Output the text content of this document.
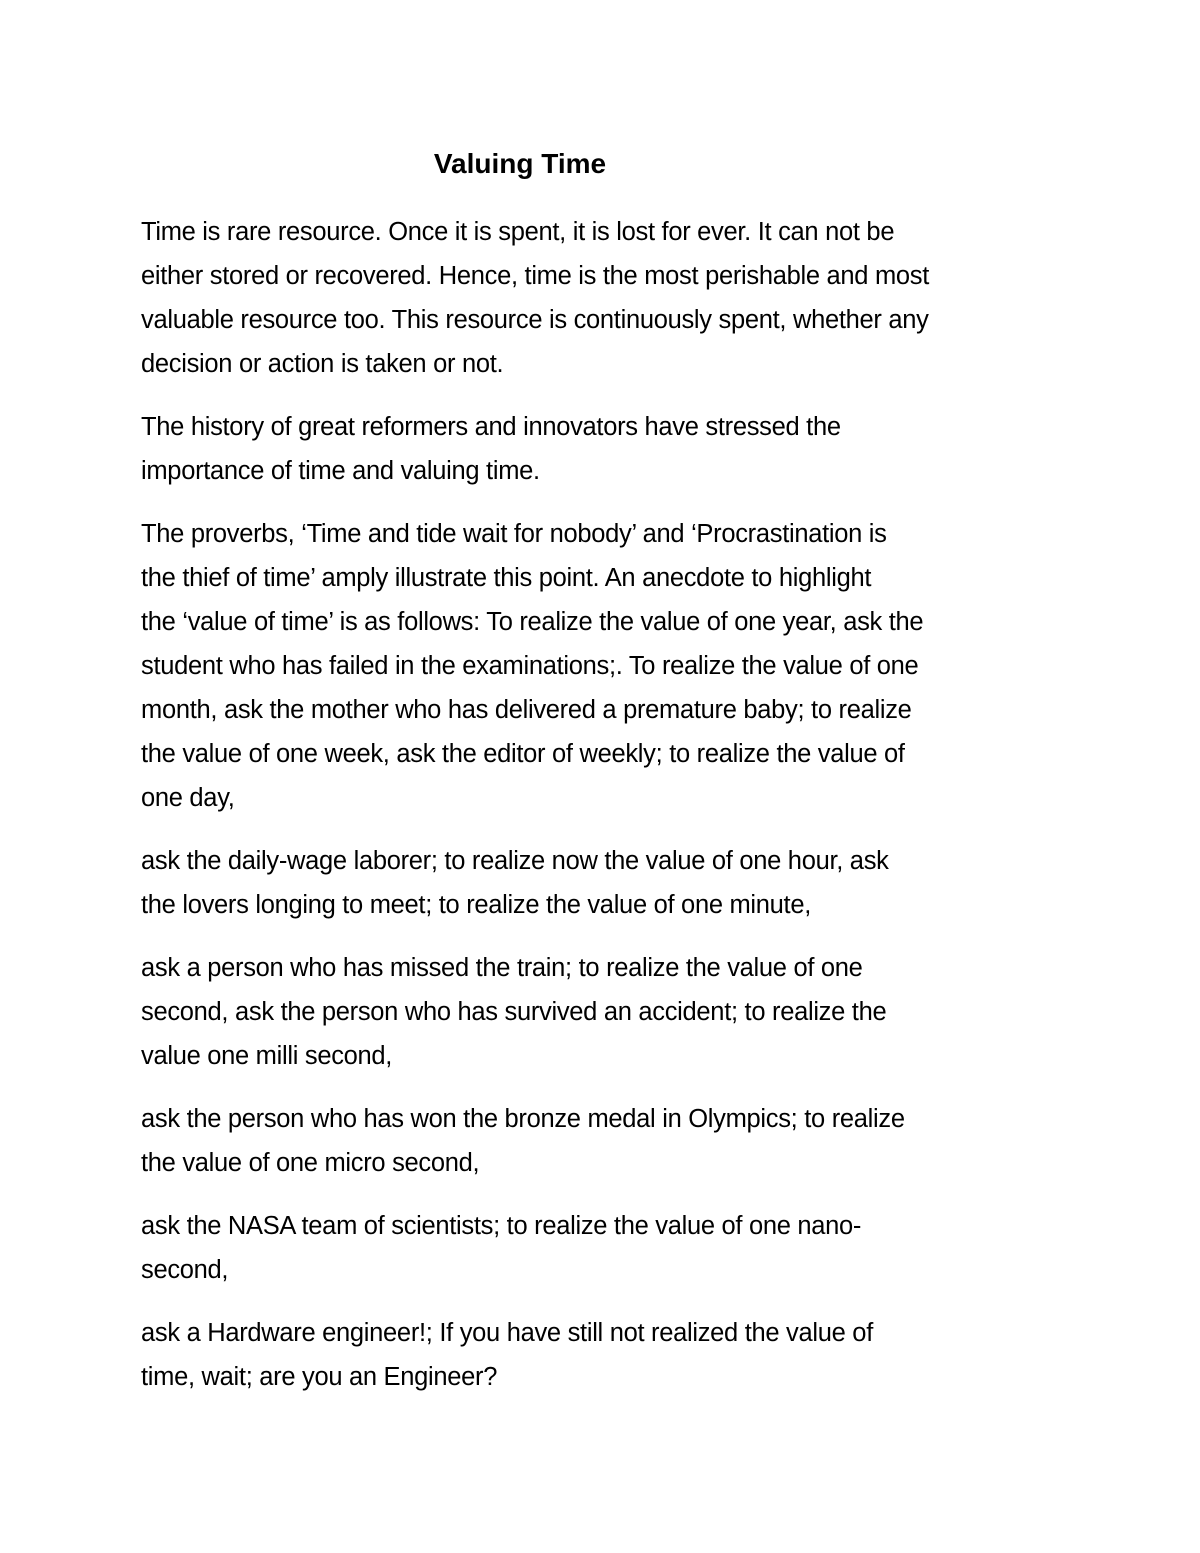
Valuing Time

Time is rare resource. Once it is spent, it is lost for ever. It can not be
either stored or recovered. Hence, time is the most perishable and most
valuable resource too. This resource is continuously spent, whether any
decision or action is taken or not.

The history of great reformers and innovators have stressed the
importance of time and valuing time.

The proverbs, ‘Time and tide wait for nobody’ and ‘Procrastination is
the thief of time’ amply illustrate this point. An anecdote to highlight
the ‘value of time’ is as follows: To realize the value of one year, ask the
student who has failed in the examinations;. To realize the value of one
month, ask the mother who has delivered a premature baby; to realize
the value of one week, ask the editor of weekly; to realize the value of
one day,

ask the daily-wage laborer; to realize now the value of one hour, ask
the lovers longing to meet; to realize the value of one minute,

ask a person who has missed the train; to realize the value of one
second, ask the person who has survived an accident; to realize the
value one milli second,

ask the person who has won the bronze medal in Olympics; to realize
the value of one micro second,

ask the NASA team of scientists; to realize the value of one nano-
second,

ask a Hardware engineer!; If you have still not realized the value of
time, wait; are you an Engineer?
